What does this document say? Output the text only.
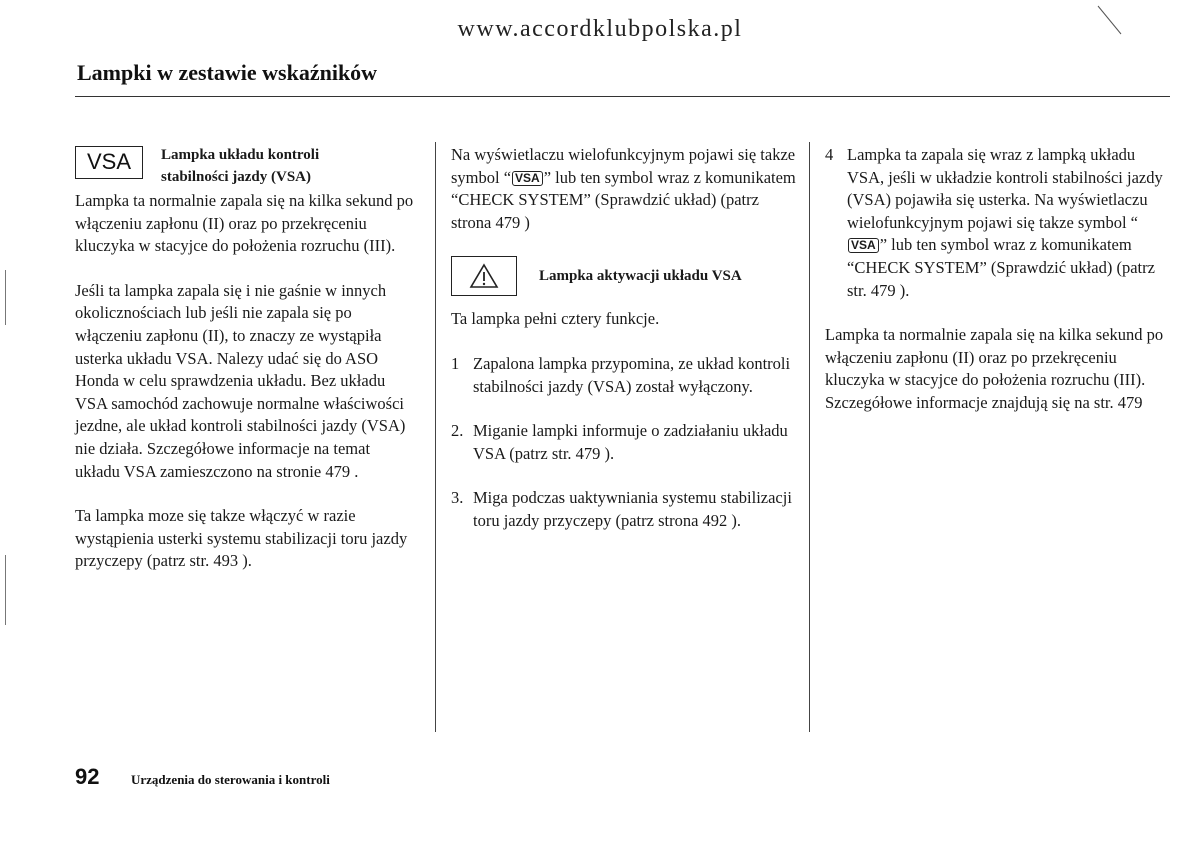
www.accordklubpolska.pl
Lampki w zestawie wskaźników
VSA	Lampka układu kontroli stabilności jazdy (VSA)

Lampka ta normalnie zapala się na kilka sekund po włączeniu zapłonu (II) oraz po przekręceniu kluczyka w stacyjce do położenia rozruchu (III).

Jeśli ta lampka zapala się i nie gaśnie w innych okolicznościach lub jeśli nie zapala się po włączeniu zapłonu (II), to znaczy ze wystąpiła usterka układu VSA. Nalezy udać się do ASO Honda w celu sprawdzenia układu. Bez układu VSA samochód zachowuje normalne właściwości jezdne, ale układ kontroli stabilności jazdy (VSA) nie działa. Szczegółowe informacje na temat układu VSA zamieszczono na stronie 479 .

Ta lampka moze się takze włączyć w razie wystąpienia usterki systemu stabilizacji toru jazdy przyczepy (patrz str. 493 ).

Na wyświetlaczu wielofunkcyjnym pojawi się takze symbol “ VSA ” lub ten symbol wraz z komunikatem “CHECK SYSTEM” (Sprawdzić układ) (patrz strona 479 )

Lampka aktywacji układu VSA

Ta lampka pełni cztery funkcje.

1 Zapalona lampka przypomina, ze układ kontroli stabilności jazdy (VSA) został wyłączony.
2. Miganie lampki informuje o zadziałaniu układu VSA (patrz str. 479 ).
3. Miga podczas uaktywniania systemu stabilizacji toru jazdy przyczepy (patrz strona 492 ).
4 Lampka ta zapala się wraz z lampką układu VSA, jeśli w układzie kontroli stabilności jazdy (VSA) pojawiła się usterka. Na wyświetlaczu wielofunkcyjnym pojawi się takze symbol “VSA ” lub ten symbol wraz z komunikatem “CHECK SYSTEM” (Sprawdzić układ) (patrz str. 479 ).

Lampka ta normalnie zapala się na kilka sekund po włączeniu zapłonu (II) oraz po przekręceniu kluczyka w stacyjce do położenia rozruchu (III). Szczegółowe informacje znajdują się na str. 479

92 Urządzenia do sterowania i kontroli
